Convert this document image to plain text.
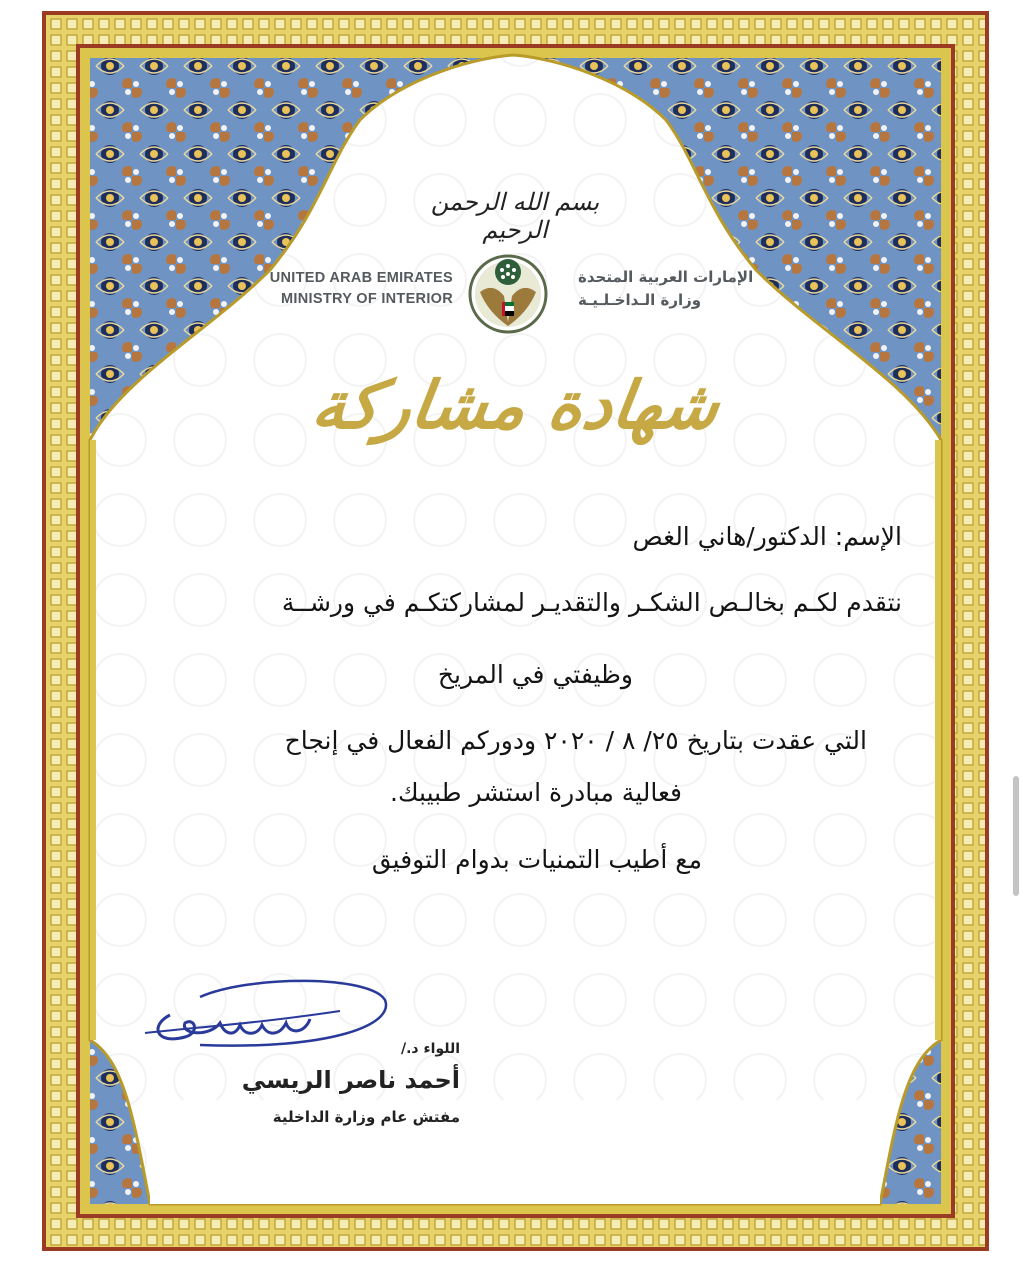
بسم الله الرحمن الرحيم
UNITED ARAB EMIRATES
MINISTRY OF INTERIOR
الإمارات العربية المتحدة
وزارة الـداخـلـيـة
شهادة مشاركة
الإسم: الدكتور/هاني الغص
نتقدم لكـم بخالـص الشكـر والتقديـر لمشاركتكـم في ورشــة
وظيفتي في المريخ
التي عقدت بتاريخ ٢٥/ ٨ / ٢٠٢٠ ودوركم الفعال في إنجاح
فعالية مبادرة استشر طبيبك.
مع أطيب التمنيات بدوام التوفيق
اللواء د./
أحمد ناصر الريسي
مفتش عام وزارة الداخلية
